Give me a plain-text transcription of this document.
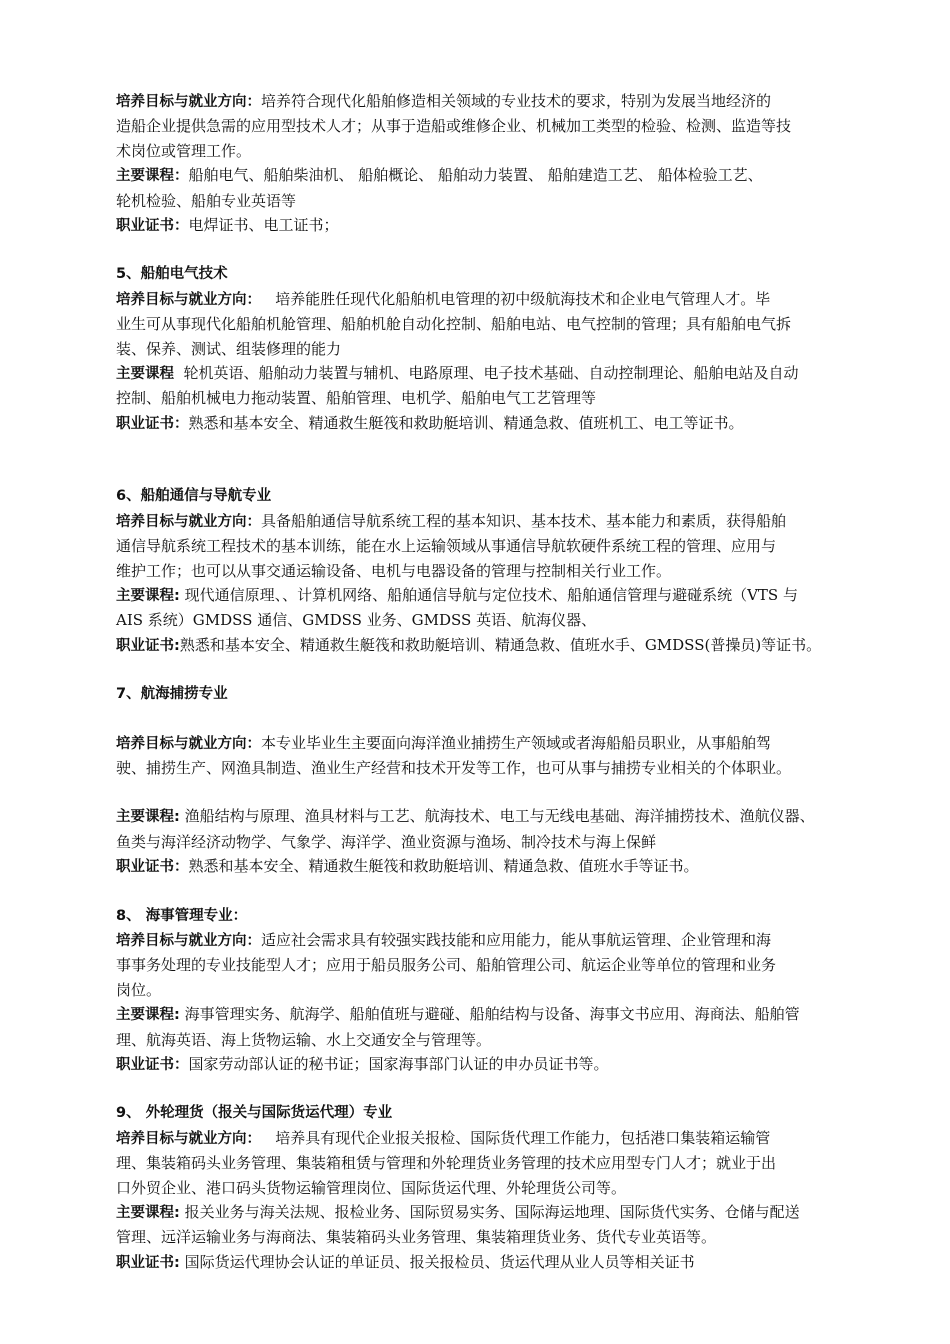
培养目标与就业方向：培养符合现代化船舶修造相关领域的专业技术的要求，特别为发展当地经济的
造船企业提供急需的应用型技术人才；从事于造船或维修企业、机械加工类型的检验、检测、监造等技
术岗位或管理工作。
主要课程：船舶电气、船舶柴油机、 船舶概论、 船舶动力装置、 船舶建造工艺、 船体检验工艺、
轮机检验、船舶专业英语等
职业证书：电焊证书、电工证书；
5、船舶电气技术
培养目标与就业方向：   培养能胜任现代化船舶机电管理的初中级航海技术和企业电气管理人才。毕
业生可从事现代化船舶机舱管理、船舶机舱自动化控制、船舶电站、电气控制的管理；具有船舶电气拆
装、保养、测试、组装修理的能力
主要课程  轮机英语、船舶动力装置与辅机、电路原理、电子技术基础、自动控制理论、船舶电站及自动
控制、船舶机械电力拖动装置、船舶管理、电机学、船舶电气工艺管理等
职业证书：熟悉和基本安全、精通救生艇筏和救助艇培训、精通急救、值班机工、电工等证书。
6、船舶通信与导航专业
培养目标与就业方向：具备船舶通信导航系统工程的基本知识、基本技术、基本能力和素质，获得船舶
通信导航系统工程技术的基本训练，能在水上运输领域从事通信导航软硬件系统工程的管理、应用与
维护工作；也可以从事交通运输设备、电机与电器设备的管理与控制相关行业工作。
主要课程: 现代通信原理、、计算机网络、船舶通信导航与定位技术、船舶通信管理与避碰系统（VTS 与
AIS 系统）GMDSS 通信、GMDSS 业务、GMDSS 英语、航海仪器、
职业证书:熟悉和基本安全、精通救生艇筏和救助艇培训、精通急救、值班水手、GMDSS(普操员)等证书。
7、航海捕捞专业
培养目标与就业方向：本专业毕业生主要面向海洋渔业捕捞生产领域或者海船船员职业，从事船舶驾
驶、捕捞生产、网渔具制造、渔业生产经营和技术开发等工作，也可从事与捕捞专业相关的个体职业。
主要课程: 渔船结构与原理、渔具材料与工艺、航海技术、电工与无线电基础、海洋捕捞技术、渔航仪器、
鱼类与海洋经济动物学、气象学、海洋学、渔业资源与渔场、制冷技术与海上保鲜
职业证书：熟悉和基本安全、精通救生艇筏和救助艇培训、精通急救、值班水手等证书。
8、 海事管理专业：
培养目标与就业方向：适应社会需求具有较强实践技能和应用能力，能从事航运管理、企业管理和海
事事务处理的专业技能型人才；应用于船员服务公司、船舶管理公司、航运企业等单位的管理和业务
岗位。
主要课程: 海事管理实务、航海学、船舶值班与避碰、船舶结构与设备、海事文书应用、海商法、船舶管
理、航海英语、海上货物运输、水上交通安全与管理等。
职业证书：国家劳动部认证的秘书证；国家海事部门认证的申办员证书等。
9、 外轮理货（报关与国际货运代理）专业
培养目标与就业方向：   培养具有现代企业报关报检、国际货代理工作能力，包括港口集装箱运输管
理、集装箱码头业务管理、集装箱租赁与管理和外轮理货业务管理的技术应用型专门人才；就业于出
口外贸企业、港口码头货物运输管理岗位、国际货运代理、外轮理货公司等。
主要课程: 报关业务与海关法规、报检业务、国际贸易实务、国际海运地理、国际货代实务、仓储与配送
管理、远洋运输业务与海商法、集装箱码头业务管理、集装箱理货业务、货代专业英语等。
职业证书: 国际货运代理协会认证的单证员、报关报检员、货运代理从业人员等相关证书
